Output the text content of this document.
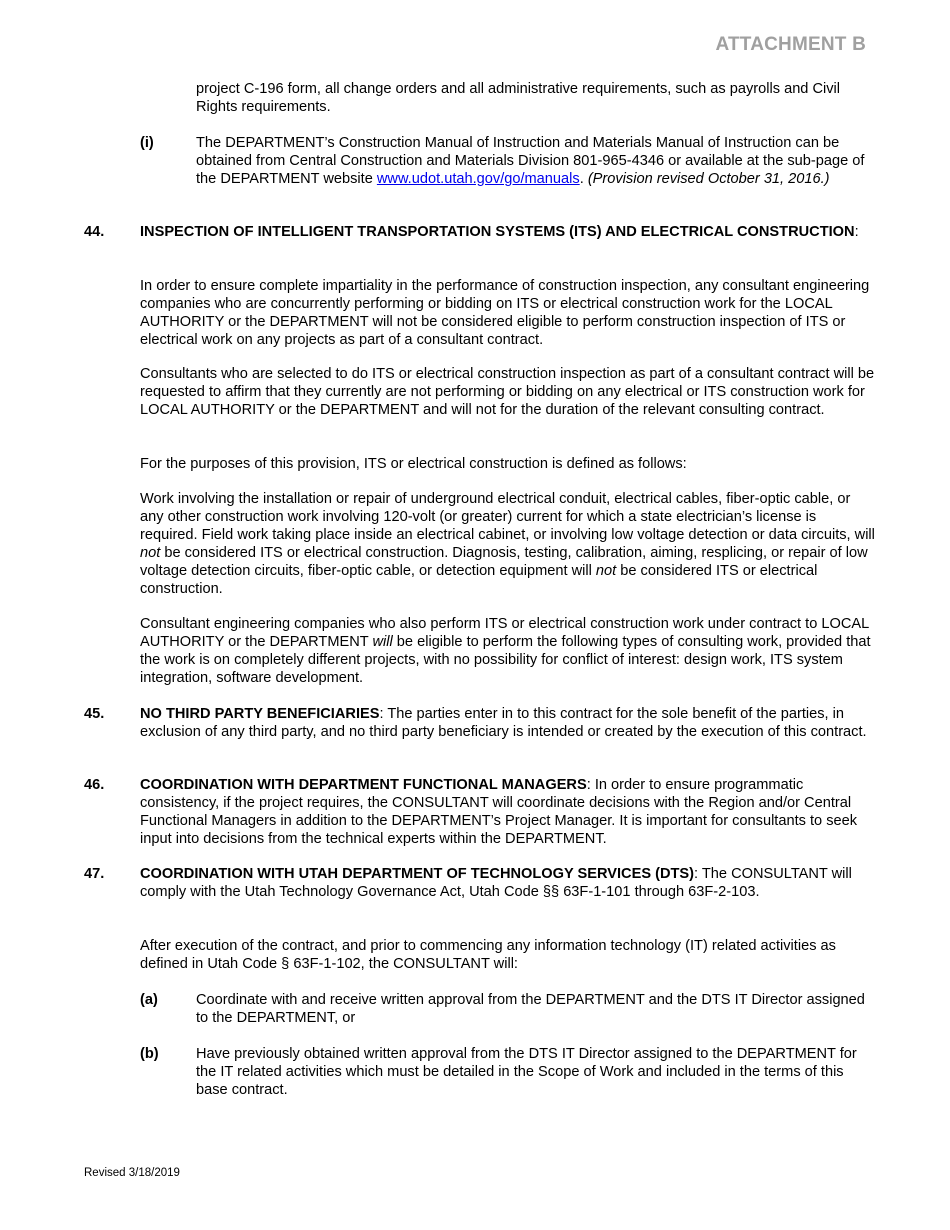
ATTACHMENT B
project C-196 form, all change orders and all administrative requirements, such as payrolls and Civil Rights requirements.
(i)	The DEPARTMENT’s Construction Manual of Instruction and Materials Manual of Instruction can be obtained from Central Construction and Materials Division 801-965-4346 or available at the sub-page of the DEPARTMENT website www.udot.utah.gov/go/manuals. (Provision revised October 31, 2016.)
44. INSPECTION OF INTELLIGENT TRANSPORTATION SYSTEMS (ITS) AND ELECTRICAL CONSTRUCTION:
In order to ensure complete impartiality in the performance of construction inspection, any consultant engineering companies who are concurrently performing or bidding on ITS or electrical construction work for the LOCAL AUTHORITY or the DEPARTMENT will not be considered eligible to perform construction inspection of ITS or electrical work on any projects as part of a consultant contract.
Consultants who are selected to do ITS or electrical construction inspection as part of a consultant contract will be requested to affirm that they currently are not performing or bidding on any electrical or ITS construction work for LOCAL AUTHORITY or the DEPARTMENT and will not for the duration of the relevant consulting contract.
For the purposes of this provision, ITS or electrical construction is defined as follows:
Work involving the installation or repair of underground electrical conduit, electrical cables, fiber-optic cable, or any other construction work involving 120-volt (or greater) current for which a state electrician’s license is required. Field work taking place inside an electrical cabinet, or involving low voltage detection or data circuits, will not be considered ITS or electrical construction. Diagnosis, testing, calibration, aiming, resplicing, or repair of low voltage detection circuits, fiber-optic cable, or detection equipment will not be considered ITS or electrical construction.
Consultant engineering companies who also perform ITS or electrical construction work under contract to LOCAL AUTHORITY or the DEPARTMENT will be eligible to perform the following types of consulting work, provided that the work is on completely different projects, with no possibility for conflict of interest: design work, ITS system integration, software development.
45. NO THIRD PARTY BENEFICIARIES: The parties enter in to this contract for the sole benefit of the parties, in exclusion of any third party, and no third party beneficiary is intended or created by the execution of this contract.
46. COORDINATION WITH DEPARTMENT FUNCTIONAL MANAGERS: In order to ensure programmatic consistency, if the project requires, the CONSULTANT will coordinate decisions with the Region and/or Central Functional Managers in addition to the DEPARTMENT’s Project Manager. It is important for consultants to seek input into decisions from the technical experts within the DEPARTMENT.
47. COORDINATION WITH UTAH DEPARTMENT OF TECHNOLOGY SERVICES (DTS): The CONSULTANT will comply with the Utah Technology Governance Act, Utah Code §§ 63F-1-101 through 63F-2-103.
After execution of the contract, and prior to commencing any information technology (IT) related activities as defined in Utah Code § 63F-1-102, the CONSULTANT will:
(a)	Coordinate with and receive written approval from the DEPARTMENT and the DTS IT Director assigned to the DEPARTMENT, or
(b)	Have previously obtained written approval from the DTS IT Director assigned to the DEPARTMENT for the IT related activities which must be detailed in the Scope of Work and included in the terms of this base contract.
Revised 3/18/2019
